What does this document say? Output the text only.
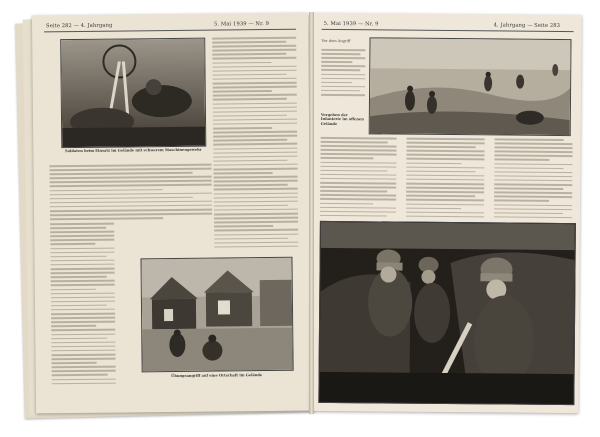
Seite 282 — 4. Jahrgang	5. Mai 1939 — Nr. 9
Soldaten beim Einsatz im Gelände mit schwerem Maschinengewehr
Übungsangriff auf eine Ortschaft im Gelände
5. Mai 1939 — Nr. 9	4. Jahrgang — Seite 283
Vor dem Angriff
Vorgehen der Infanterie im offenen Gelände
